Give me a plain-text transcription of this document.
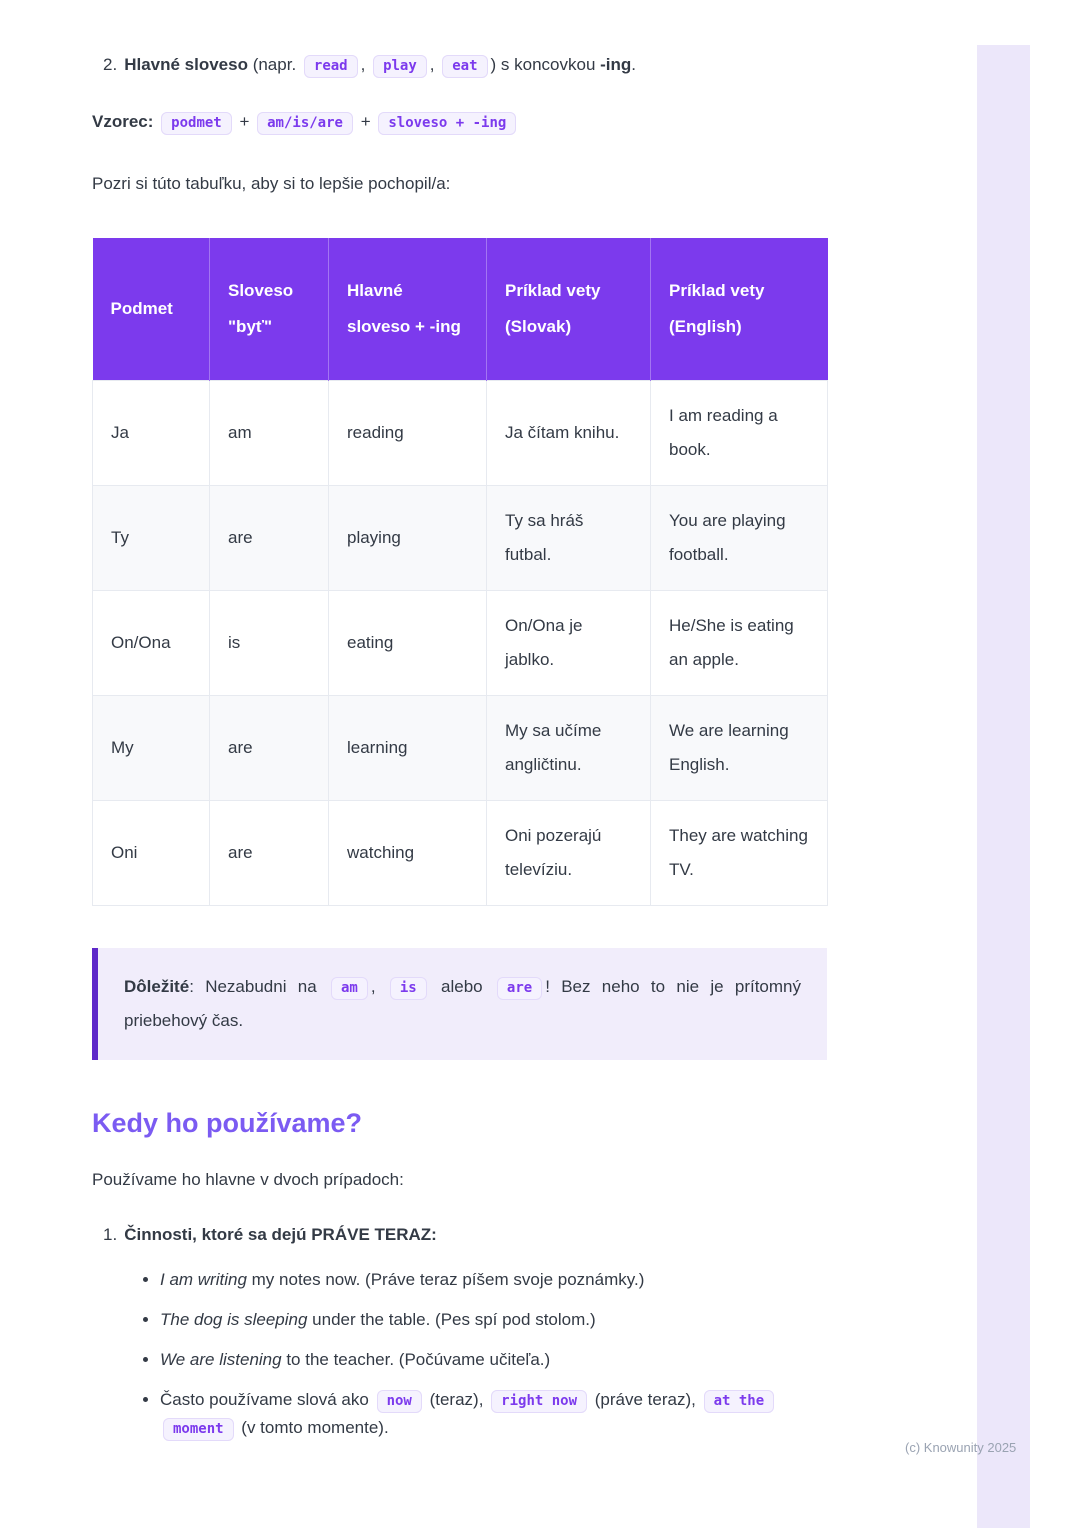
2. Hlavné sloveso (napr. read , play , eat ) s koncovkou -ing.
Vzorec: podmet + am/is/are + sloveso + -ing
Pozri si túto tabuľku, aby si to lepšie pochopil/a:
Podmet	Sloveso "byť"	Hlavné sloveso + -ing	Príklad vety (Slovak)	Príklad vety (English)
Ja	am	reading	Ja čítam knihu.	I am reading a book.
Ty	are	playing	Ty sa hráš futbal.	You are playing football.
On/Ona	is	eating	On/Ona je jablko.	He/She is eating an apple.
My	are	learning	My sa učíme angličtinu.	We are learning English.
Oni	are	watching	Oni pozerajú televíziu.	They are watching TV.
Dôležité: Nezabudni na am , is alebo are ! Bez neho to nie je prítomný priebehový čas.
Kedy ho používame?
Používame ho hlavne v dvoch prípadoch:
1. Činnosti, ktoré sa dejú PRÁVE TERAZ:
• I am writing my notes now. (Práve teraz píšem svoje poznámky.)
• The dog is sleeping under the table. (Pes spí pod stolom.)
• We are listening to the teacher. (Počúvame učiteľa.)
• Často používame slová ako now (teraz), right now (práve teraz), at the moment (v tomto momente).
(c) Knowunity 2025
